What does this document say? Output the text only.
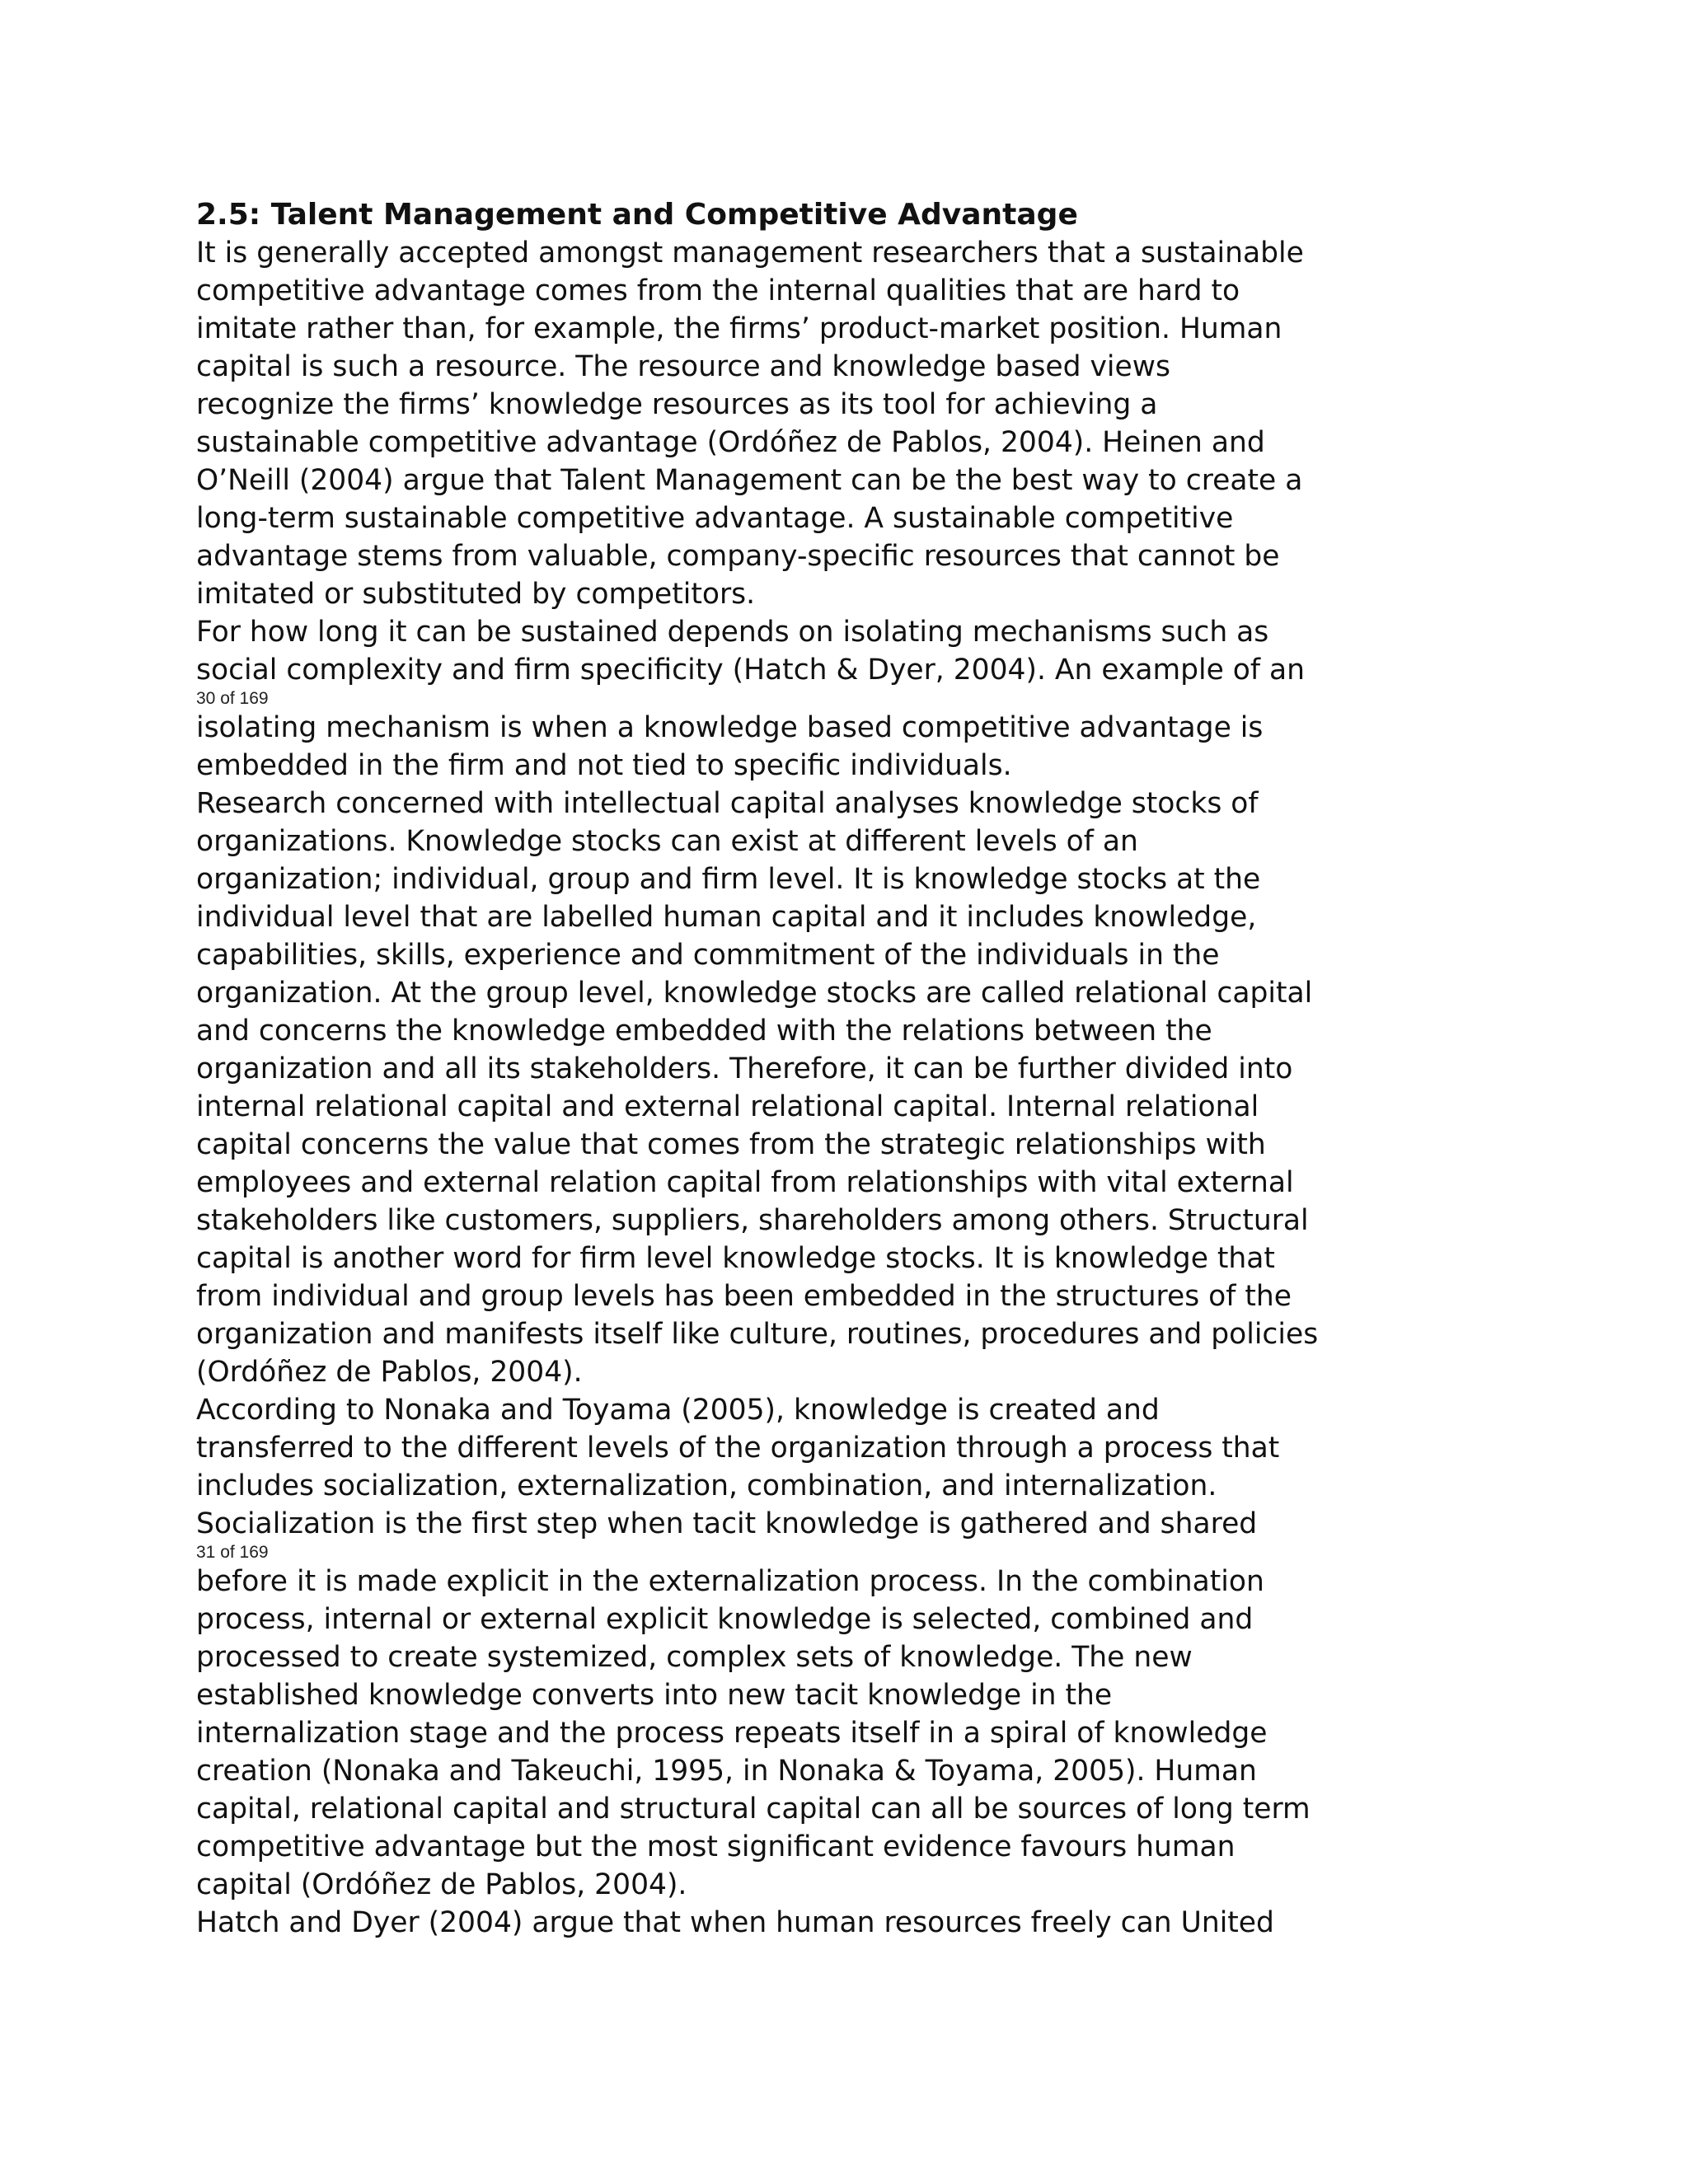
2.5: Talent Management and Competitive Advantage
It is generally accepted amongst management researchers that a sustainable
competitive advantage comes from the internal qualities that are hard to
imitate rather than, for example, the firms’ product-market position. Human
capital is such a resource. The resource and knowledge based views
recognize the firms’ knowledge resources as its tool for achieving a
sustainable competitive advantage (Ordóñez de Pablos, 2004). Heinen and
O’Neill (2004) argue that Talent Management can be the best way to create a
long-term sustainable competitive advantage. A sustainable competitive
advantage stems from valuable, company-specific resources that cannot be
imitated or substituted by competitors.
For how long it can be sustained depends on isolating mechanisms such as
social complexity and firm specificity (Hatch & Dyer, 2004). An example of an
30 of 169
isolating mechanism is when a knowledge based competitive advantage is
embedded in the firm and not tied to specific individuals.
Research concerned with intellectual capital analyses knowledge stocks of
organizations. Knowledge stocks can exist at different levels of an
organization; individual, group and firm level. It is knowledge stocks at the
individual level that are labelled human capital and it includes knowledge,
capabilities, skills, experience and commitment of the individuals in the
organization. At the group level, knowledge stocks are called relational capital
and concerns the knowledge embedded with the relations between the
organization and all its stakeholders. Therefore, it can be further divided into
internal relational capital and external relational capital. Internal relational
capital concerns the value that comes from the strategic relationships with
employees and external relation capital from relationships with vital external
stakeholders like customers, suppliers, shareholders among others. Structural
capital is another word for firm level knowledge stocks. It is knowledge that
from individual and group levels has been embedded in the structures of the
organization and manifests itself like culture, routines, procedures and policies
(Ordóñez de Pablos, 2004).
According to Nonaka and Toyama (2005), knowledge is created and
transferred to the different levels of the organization through a process that
includes socialization, externalization, combination, and internalization.
Socialization is the first step when tacit knowledge is gathered and shared
31 of 169
before it is made explicit in the externalization process. In the combination
process, internal or external explicit knowledge is selected, combined and
processed to create systemized, complex sets of knowledge. The new
established knowledge converts into new tacit knowledge in the
internalization stage and the process repeats itself in a spiral of knowledge
creation (Nonaka and Takeuchi, 1995, in Nonaka & Toyama, 2005). Human
capital, relational capital and structural capital can all be sources of long term
competitive advantage but the most significant evidence favours human
capital (Ordóñez de Pablos, 2004).
Hatch and Dyer (2004) argue that when human resources freely can United
